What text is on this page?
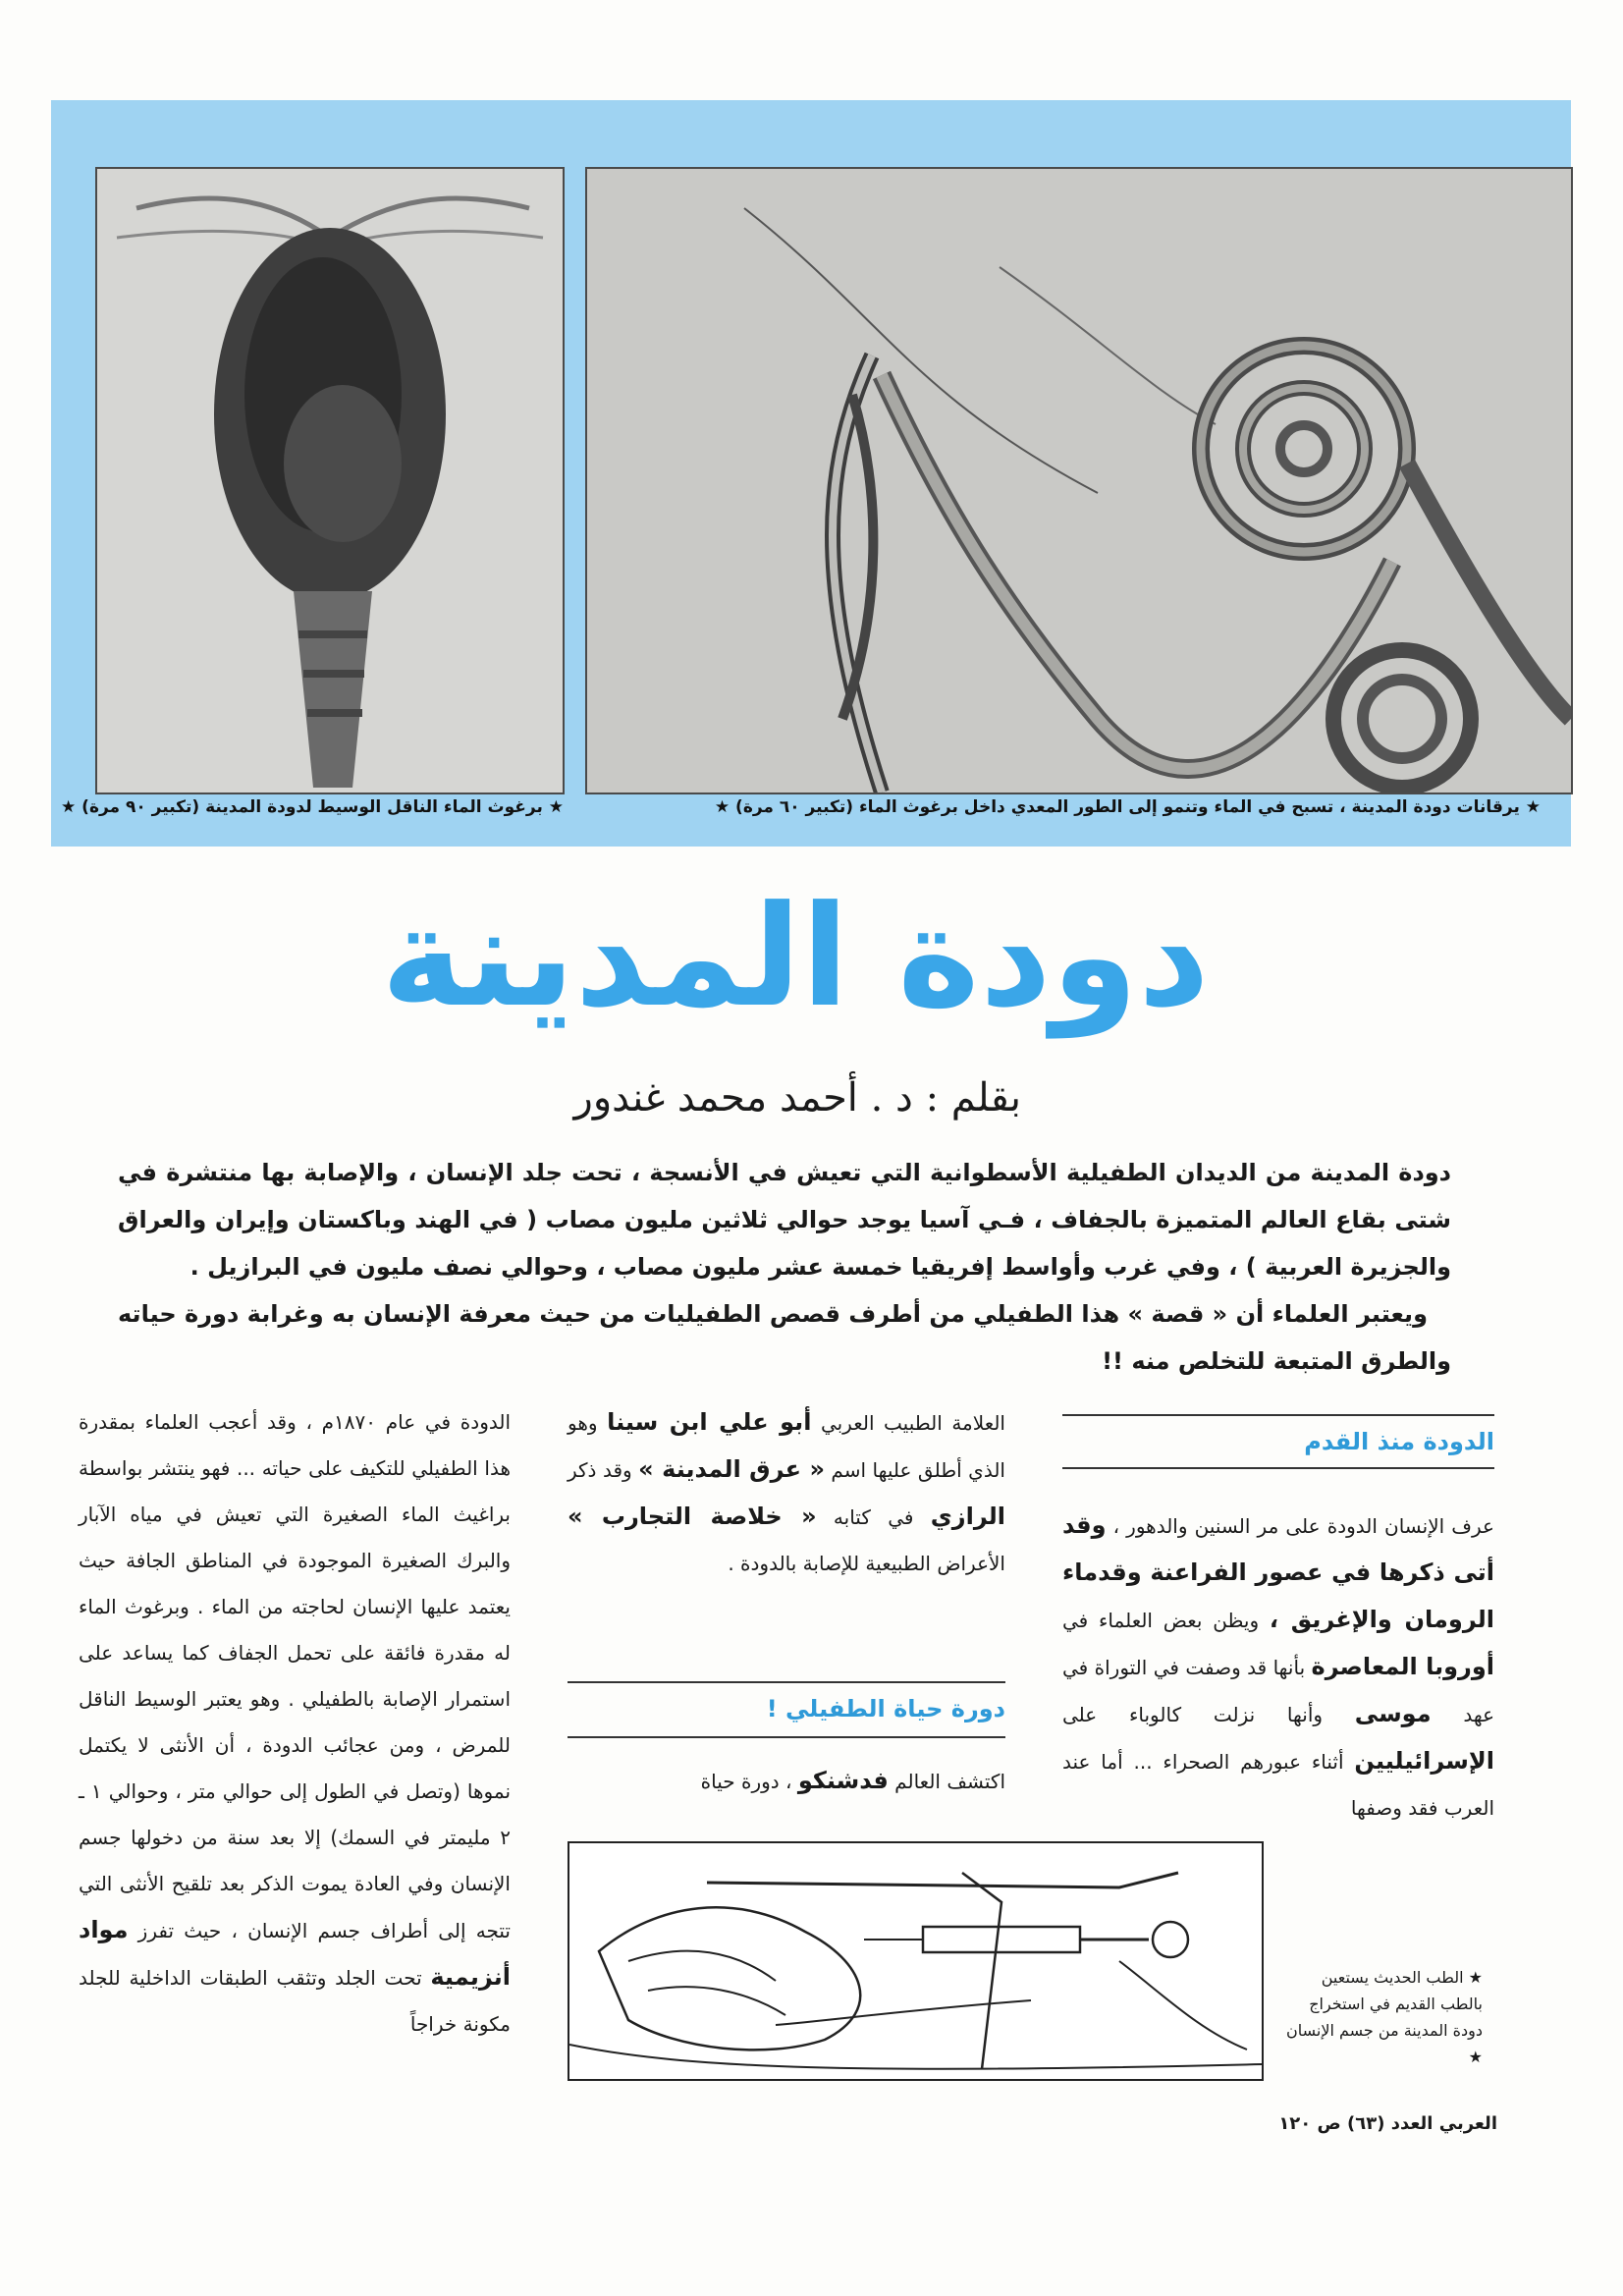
★ يرقانات دودة المدينة ، تسبح في الماء وتنمو إلى الطور المعدي داخل برغوث الماء (تكبير ٦٠ مرة) ★
★ برغوث الماء الناقل الوسيط لدودة المدينة (تكبير ٩٠ مرة) ★
دودة المدينة
بقلم : د . أحمد محمد غندور

دودة المدينة من الديدان الطفيلية الأسطوانية التي تعيش في الأنسجة ، تحت جلد الإنسان ، والإصابة بها منتشرة في شتى بقاع العالم المتميزة بالجفاف ، فـي آسيا يوجد حوالي ثلاثين مليون مصاب ( في الهند وباكستان وإيران والعراق والجزيرة العربية ) ، وفي غرب وأواسط إفريقيا خمسة عشر مليون مصاب ، وحوالي نصف مليون في البرازيل .

ويعتبر العلماء أن « قصة » هذا الطفيلي من أطرف قصص الطفيليات من حيث معرفة الإنسان به وغرابة دورة حياته والطرق المتبعة للتخلص منه !!

الدودة منذ القدم
عرف الإنسان الدودة على مر السنين والدهور ، وقد أتى ذكرها في عصور الفراعنة وقدماء الرومان والإغريق ، ويظن بعض العلماء في أوروبا المعاصرة بأنها قد وصفت في التوراة في عهد موسى وأنها نزلت كالوباء على الإسرائيليين أثناء عبورهم الصحراء ... أما عند العرب فقد وصفها
العلامة الطبيب العربي أبو علي ابن سينا وهو الذي أطلق عليها اسم « عرق المدينة » وقد ذكر الرازي في كتابه « خلاصة التجارب » الأعراض الطبيعية للإصابة بالدودة .
دورة حياة الطفيلي !
اكتشف العالم فدشنكو ، دورة حياة
الدودة في عام ١٨٧٠م ، وقد أعجب العلماء بمقدرة هذا الطفيلي للتكيف على حياته ... فهو ينتشر بواسطة براغيث الماء الصغيرة التي تعيش في مياه الآبار والبرك الصغيرة الموجودة في المناطق الجافة حيث يعتمد عليها الإنسان لحاجته من الماء . وبرغوث الماء له مقدرة فائقة على تحمل الجفاف كما يساعد على استمرار الإصابة بالطفيلي . وهو يعتبر الوسيط الناقل للمرض ، ومن عجائب الدودة ، أن الأنثى لا يكتمل نموها (وتصل في الطول إلى حوالي متر ، وحوالي ١ ـ ٢ مليمتر في السمك) إلا بعد سنة من دخولها جسم الإنسان وفي العادة يموت الذكر بعد تلقيح الأنثى التي تتجه إلى أطراف جسم الإنسان ، حيث تفرز مواد أنزيمية تحت الجلد وتثقب الطبقات الداخلية للجلد مكونة خراجاً
★ الطب الحديث يستعين بالطب القديم في استخراج دودة المدينة من جسم الإنسان ★
العربي العدد (٦٣) ص ١٢٠
